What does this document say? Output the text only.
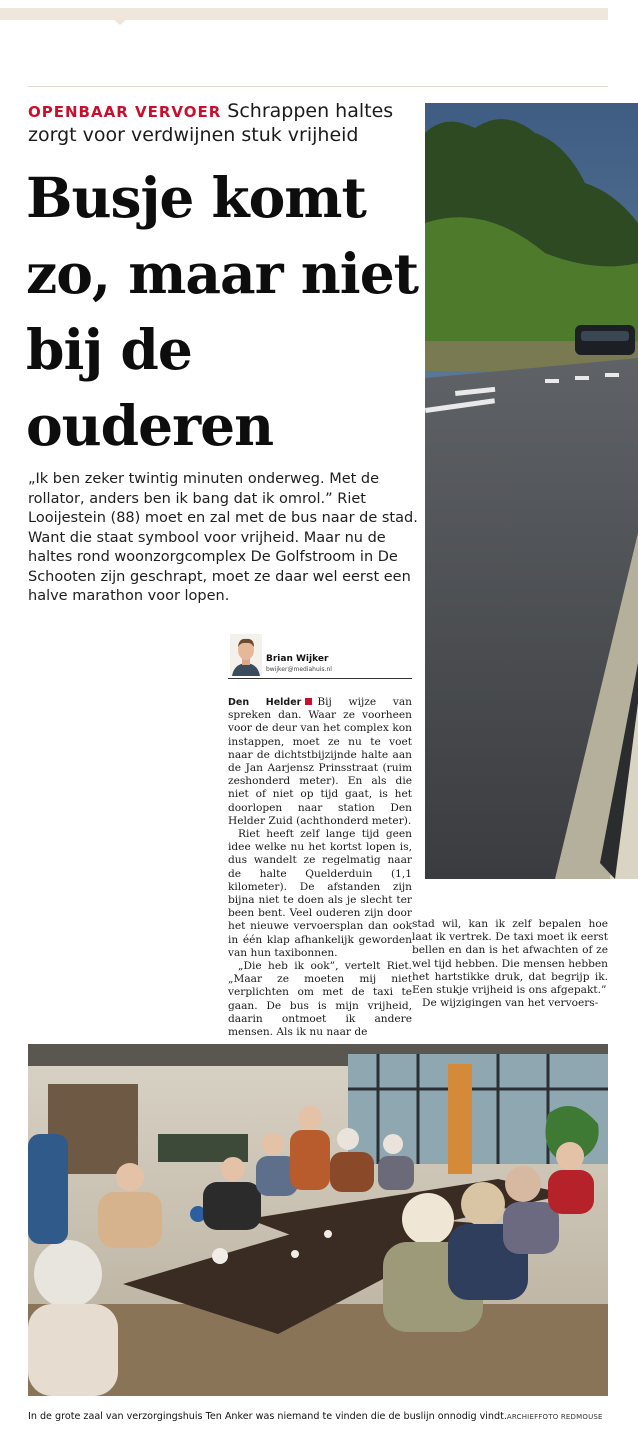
OPENBAAR VERVOER Schrappen haltes zorgt voor verdwijnen stuk vrijheid
Busje komt zo, maar niet bij de ouderen
„Ik ben zeker twintig minuten onderweg. Met de rollator, anders ben ik bang dat ik omrol.” Riet Looijestein (88) moet en zal met de bus naar de stad. Want die staat symbool voor vrijheid. Maar nu de haltes rond woonzorgcomplex De Golfstroom in De Schooten zijn geschrapt, moet ze daar wel eerst een halve marathon voor lopen.
Brian Wijker
bwijker@mediahuis.nl

Den Helder Bij wijze van spreken dan. Waar ze voorheen voor de deur van het complex kon instappen, moet ze nu te voet naar de dichtstbijzijnde halte aan de Jan Aarjensz Prinsstraat (ruim zeshonderd meter). En als die niet of niet op tijd gaat, is het doorlopen naar station Den Helder Zuid (achthonderd meter).

Riet heeft zelf lange tijd geen idee welke nu het kortst lopen is, dus wandelt ze regelmatig naar de halte Quelderduin (1,1 kilometer). De afstanden zijn bijna niet te doen als je slecht ter been bent. Veel ouderen zijn door het nieuwe vervoersplan dan ook in één klap afhankelijk geworden van hun taxibonnen.

„Die heb ik ook”, vertelt Riet. „Maar ze moeten mij niet verplichten om met de taxi te gaan. De bus is mijn vrijheid, daarin ontmoet ik andere mensen. Als ik nu naar de

stad wil, kan ik zelf bepalen hoe laat ik vertrek. De taxi moet ik eerst bellen en dan is het afwachten of ze wel tijd hebben. Die mensen hebben het hartstikke druk, dat begrijp ik. Een stukje vrijheid is ons afgepakt.”

De wijzigingen van het vervoers-

In de grote zaal van verzorgingshuis Ten Anker was niemand te vinden die de buslijn onnodig vindt.ARCHIEFFOTO REDMOUSE
